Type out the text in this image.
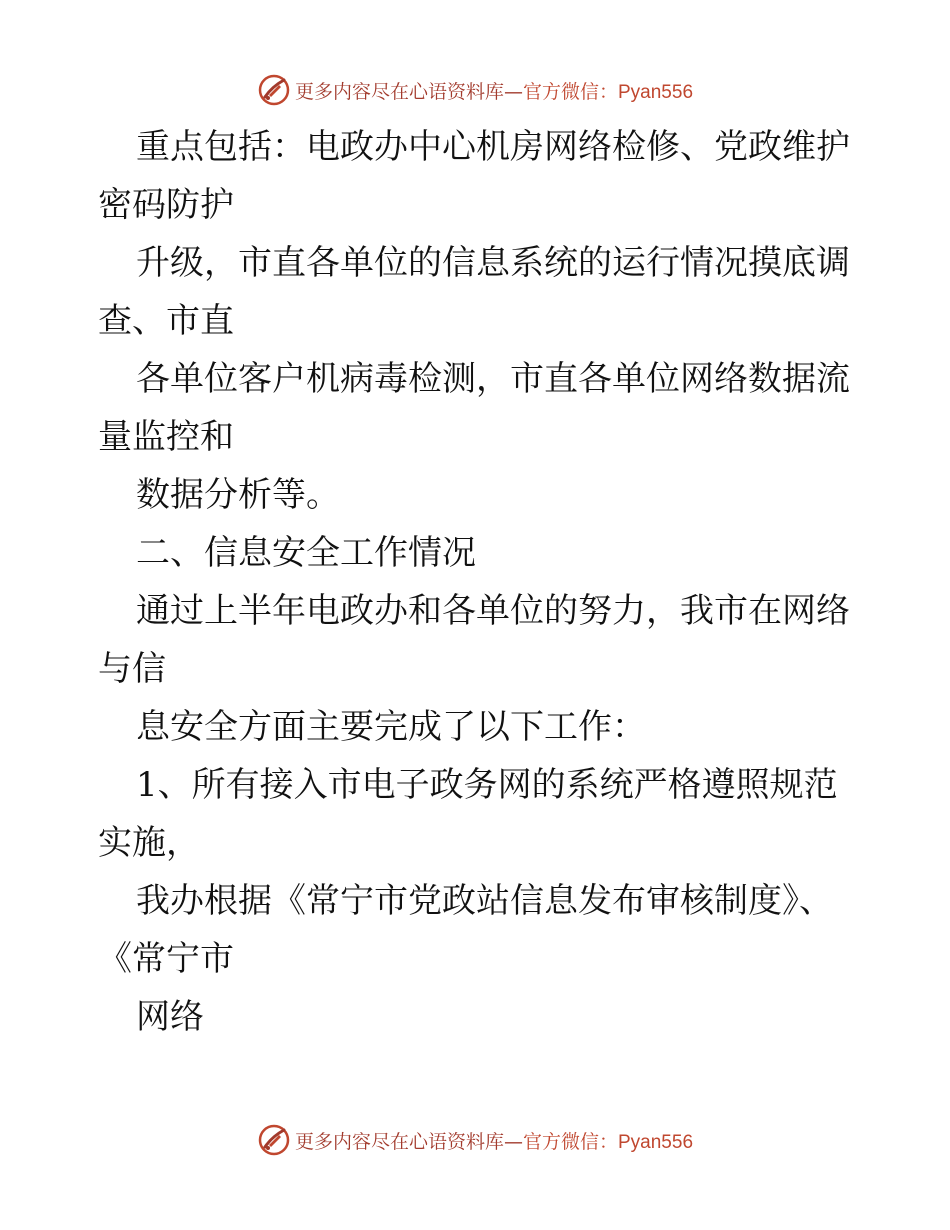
更多内容尽在心语资料库— 官方微信：Pyan556

重点包括：电政办中心机房网络检修、党政维护

密码防护

升级，市直各单位的信息系统的运行情况摸底调

查、市直

各单位客户机病毒检测，市直各单位网络数据流

量监控和

数据分析等。

二、信息安全工作情况

通过上半年电政办和各单位的努力，我市在网络

与信

息安全方面主要完成了以下工作：

1、所有接入市电子政务网的系统严格遵照规范

实施，

我办根据《常宁市党政站信息发布审核制度》、

《常宁市

网络

更多内容尽在心语资料库— 官方微信：Pyan556
